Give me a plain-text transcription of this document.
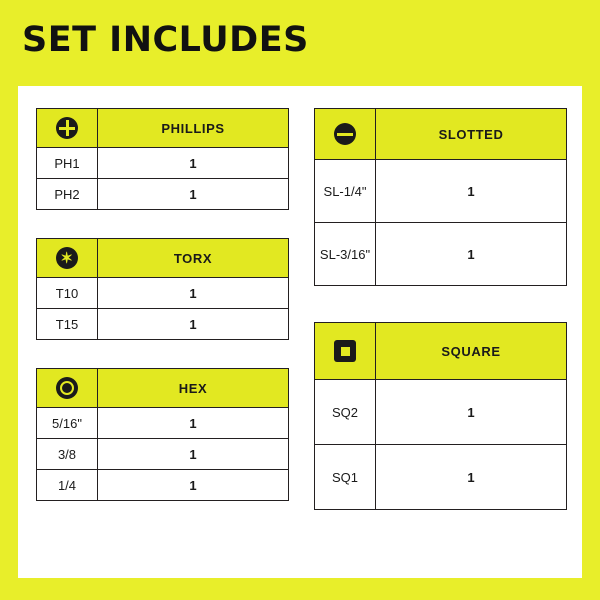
SET INCLUDES
	PHILLIPS
PH1	1
PH2	1
✶	TORX
T10	1
T15	1
	HEX
5/16"	1
3/8	1
1/4	1
	SLOTTED
SL-1/4"	1
SL-3/16"	1
	SQUARE
SQ2	1
SQ1	1
